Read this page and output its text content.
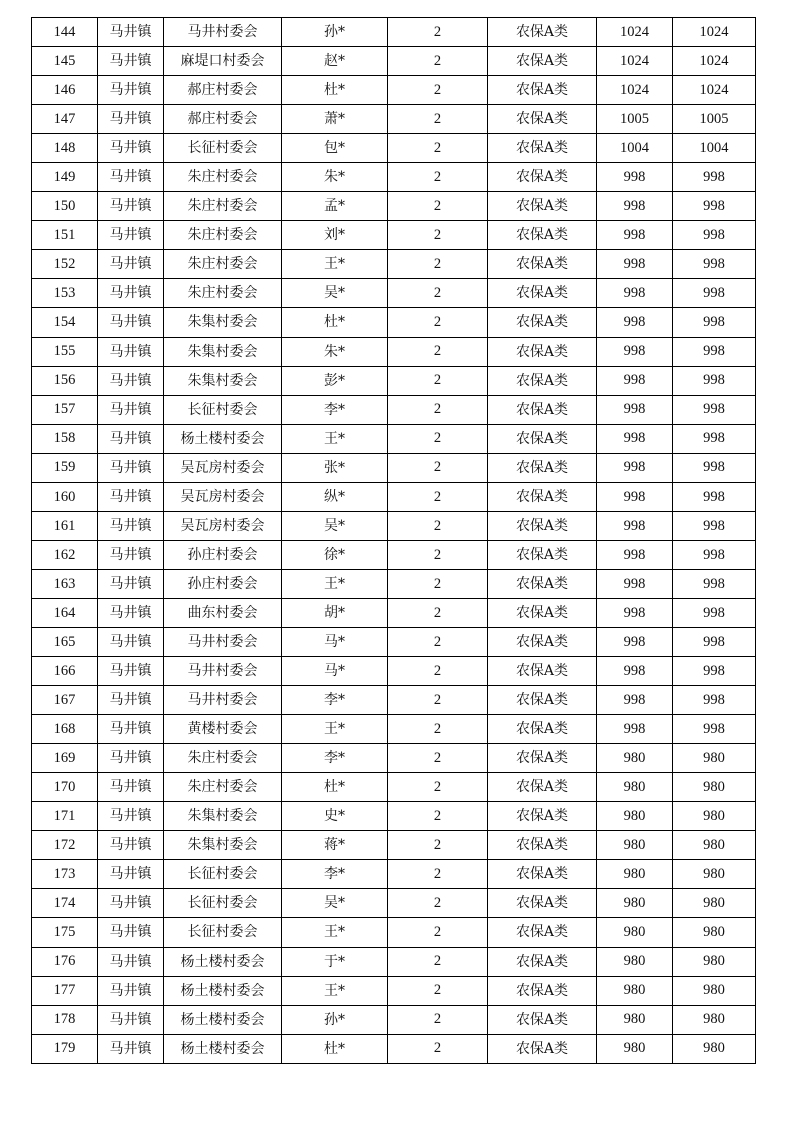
144	马井镇	马井村委会	孙*	2	农保A类	1024	1024
145	马井镇	麻堤口村委会	赵*	2	农保A类	1024	1024
146	马井镇	郝庄村委会	杜*	2	农保A类	1024	1024
147	马井镇	郝庄村委会	萧*	2	农保A类	1005	1005
148	马井镇	长征村委会	包*	2	农保A类	1004	1004
149	马井镇	朱庄村委会	朱*	2	农保A类	998	998
150	马井镇	朱庄村委会	孟*	2	农保A类	998	998
151	马井镇	朱庄村委会	刘*	2	农保A类	998	998
152	马井镇	朱庄村委会	王*	2	农保A类	998	998
153	马井镇	朱庄村委会	吴*	2	农保A类	998	998
154	马井镇	朱集村委会	杜*	2	农保A类	998	998
155	马井镇	朱集村委会	朱*	2	农保A类	998	998
156	马井镇	朱集村委会	彭*	2	农保A类	998	998
157	马井镇	长征村委会	李*	2	农保A类	998	998
158	马井镇	杨土楼村委会	王*	2	农保A类	998	998
159	马井镇	吴瓦房村委会	张*	2	农保A类	998	998
160	马井镇	吴瓦房村委会	纵*	2	农保A类	998	998
161	马井镇	吴瓦房村委会	吴*	2	农保A类	998	998
162	马井镇	孙庄村委会	徐*	2	农保A类	998	998
163	马井镇	孙庄村委会	王*	2	农保A类	998	998
164	马井镇	曲东村委会	胡*	2	农保A类	998	998
165	马井镇	马井村委会	马*	2	农保A类	998	998
166	马井镇	马井村委会	马*	2	农保A类	998	998
167	马井镇	马井村委会	李*	2	农保A类	998	998
168	马井镇	黄楼村委会	王*	2	农保A类	998	998
169	马井镇	朱庄村委会	李*	2	农保A类	980	980
170	马井镇	朱庄村委会	杜*	2	农保A类	980	980
171	马井镇	朱集村委会	史*	2	农保A类	980	980
172	马井镇	朱集村委会	蒋*	2	农保A类	980	980
173	马井镇	长征村委会	李*	2	农保A类	980	980
174	马井镇	长征村委会	吴*	2	农保A类	980	980
175	马井镇	长征村委会	王*	2	农保A类	980	980
176	马井镇	杨土楼村委会	于*	2	农保A类	980	980
177	马井镇	杨土楼村委会	王*	2	农保A类	980	980
178	马井镇	杨土楼村委会	孙*	2	农保A类	980	980
179	马井镇	杨土楼村委会	杜*	2	农保A类	980	980
